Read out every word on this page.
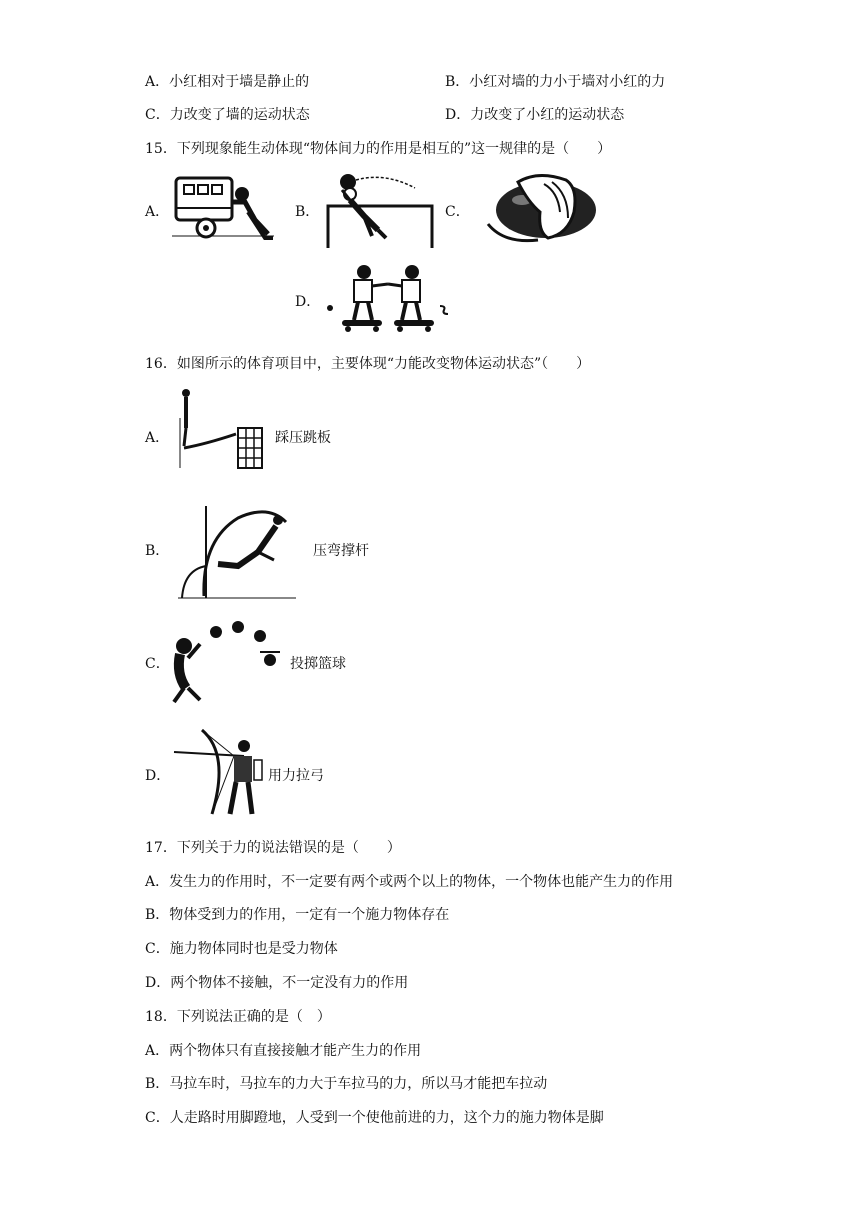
A．小红相对于墙是静止的	B．小红对墙的力小于墙对小红的力
C．力改变了墙的运动状态	D．力改变了小红的运动状态
15．下列现象能生动体现“物体间力的作用是相互的”这一规律的是（　　）
A．	B．	C．
D．
16．如图所示的体育项目中，主要体现“力能改变物体运动状态”（　　）
A．	踩压跳板
B．	压弯撑杆
C．	投掷篮球
D．	用力拉弓
17．下列关于力的说法错误的是（　　）
A．发生力的作用时，不一定要有两个或两个以上的物体，一个物体也能产生力的作用
B．物体受到力的作用，一定有一个施力物体存在
C．施力物体同时也是受力物体
D．两个物体不接触，不一定没有力的作用
18．下列说法正确的是（　）
A．两个物体只有直接接触才能产生力的作用
B．马拉车时，马拉车的力大于车拉马的力，所以马才能把车拉动
C．人走路时用脚蹬地，人受到一个使他前进的力，这个力的施力物体是脚
